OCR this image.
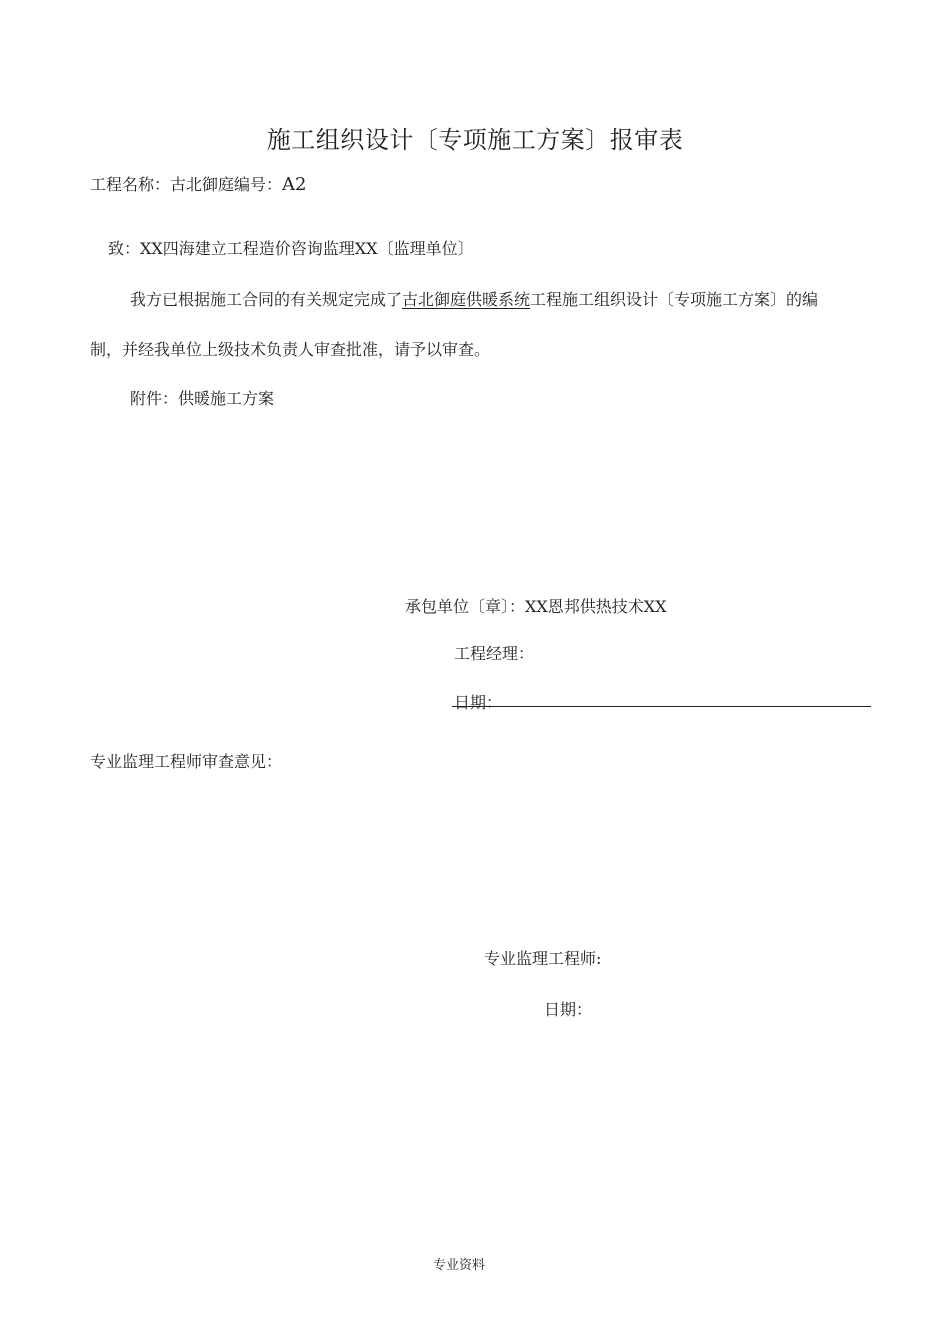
施工组织设计〔专项施工方案〕报审表
工程名称：古北御庭编号：A2
致：XX四海建立工程造价咨询监理XX〔监理单位〕
我方已根据施工合同的有关规定完成了古北御庭供暖系统工程施工组织设计〔专项施工方案〕的编
制，并经我单位上级技术负责人审查批准，请予以审查。
附件：供暖施工方案
承包单位〔章〕：XX恩邦供热技术XX
工程经理：
日期：
专业监理工程师审查意见：
专业监理工程师:
日期：
专业资料
